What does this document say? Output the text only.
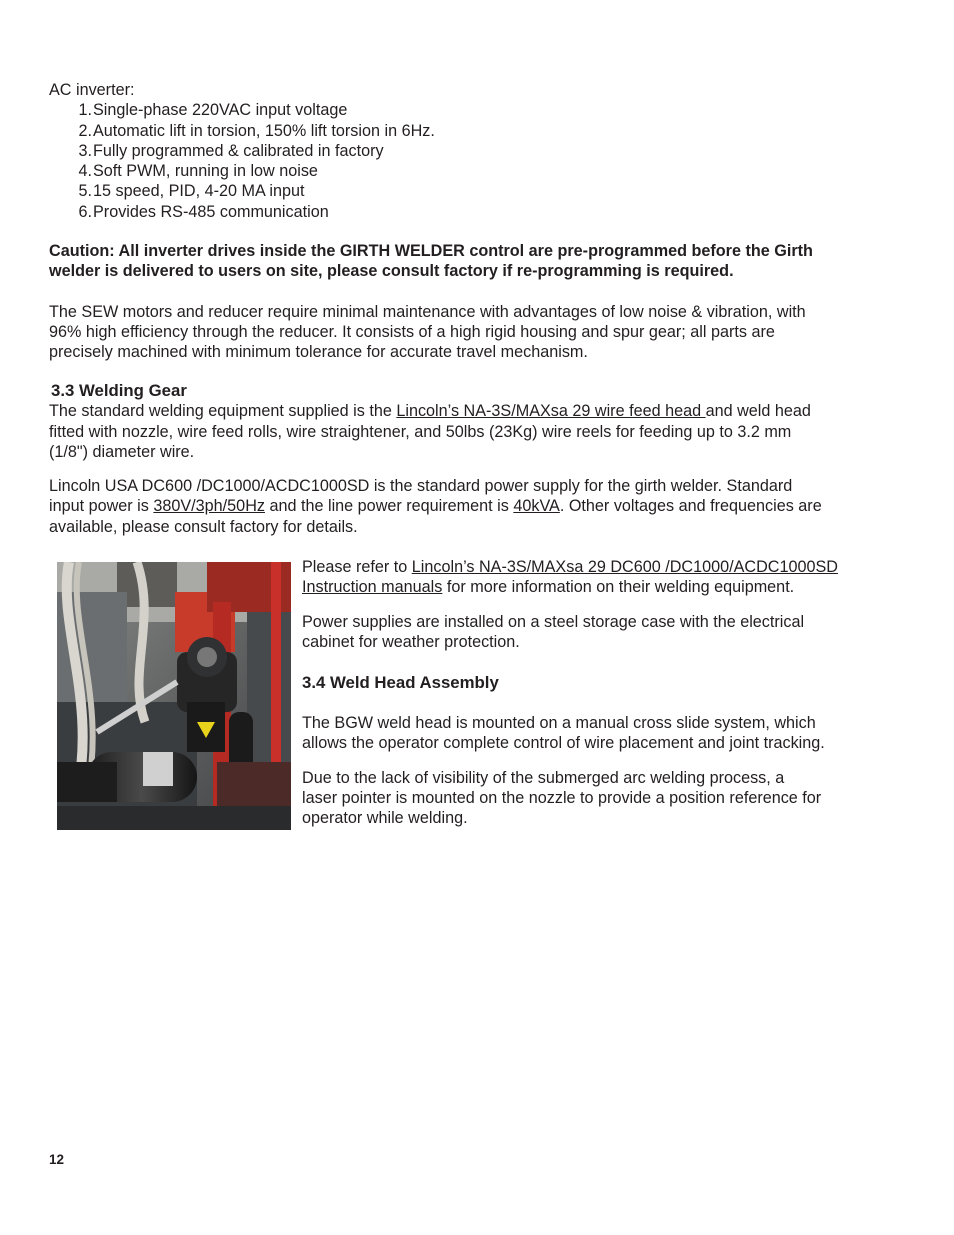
AC inverter:
1. Single-phase 220VAC input voltage
2. Automatic lift in torsion, 150% lift torsion in 6Hz.
3. Fully programmed & calibrated in factory
4. Soft PWM, running in low noise
5. 15 speed, PID, 4-20 MA input
6. Provides RS-485 communication
Caution: All inverter drives inside the GIRTH WELDER control are pre-programmed before the Girth
welder is delivered to users on site, please consult factory if re-programming is required.
The SEW motors and reducer require minimal maintenance with advantages of low noise & vibration, with
96% high efficiency through the reducer. It consists of a high rigid housing and spur gear; all parts are
precisely machined with minimum tolerance for accurate travel mechanism.
3.3 Welding Gear
The standard welding equipment supplied is the Lincoln’s NA-3S/MAXsa 29 wire feed head and weld head
fitted with nozzle, wire feed rolls, wire straightener, and 50lbs (23Kg) wire reels for feeding up to 3.2 mm
(1/8") diameter wire.
Lincoln USA DC600 /DC1000/ACDC1000SD is the standard power supply for the girth welder. Standard
input power is 380V/3ph/50Hz and the line power requirement is 40kVA. Other voltages and frequencies are
available, please consult factory for details.
Please refer to Lincoln’s NA-3S/MAXsa 29 DC600 /DC1000/ACDC1000SD
Instruction manuals for more information on their welding equipment.
Power supplies are installed on a steel storage case with the electrical
cabinet for weather protection.
3.4 Weld Head Assembly
The BGW weld head is mounted on a manual cross slide system, which
allows the operator complete control of wire placement and joint tracking.
Due to the lack of visibility of the submerged arc welding process, a
laser pointer is mounted on the nozzle to provide a position reference for
operator while welding.
12
